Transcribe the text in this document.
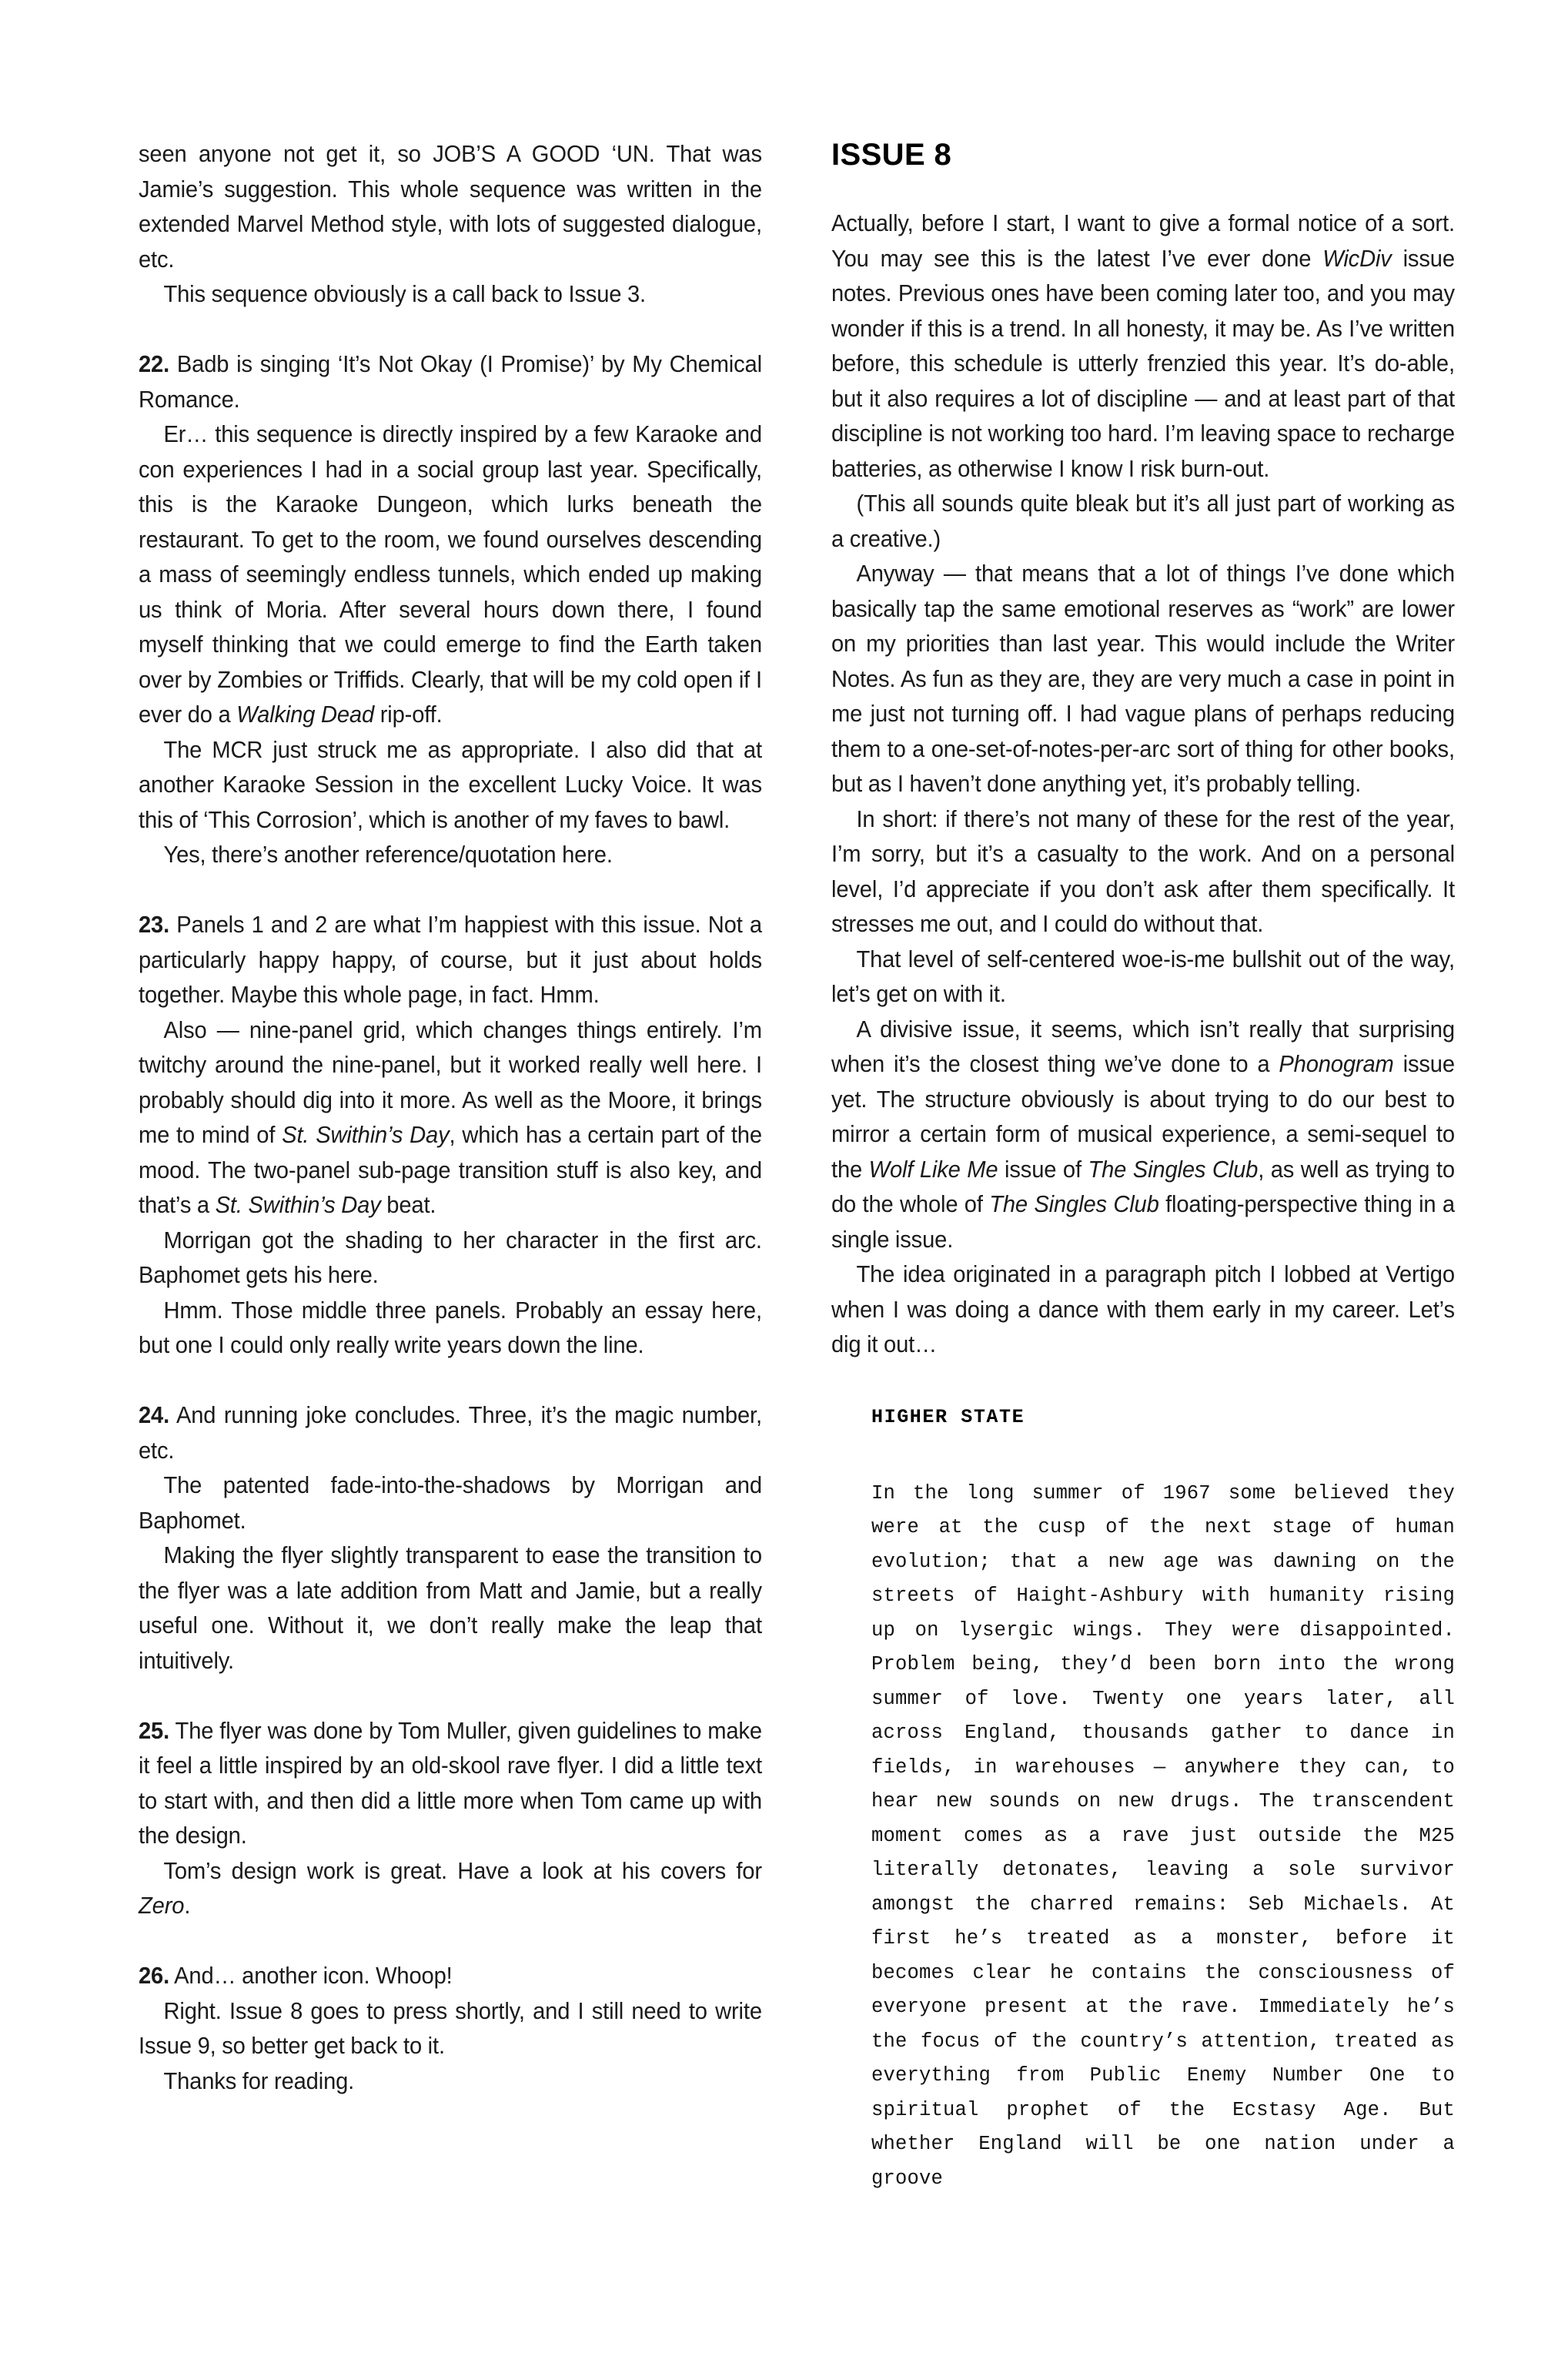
seen anyone not get it, so JOB’S A GOOD ‘UN. That was Jamie’s suggestion. This whole sequence was written in the extended Marvel Method style, with lots of suggested dialogue, etc.

This sequence obviously is a call back to Issue 3.

22. Badb is singing ‘It’s Not Okay (I Promise)’ by My Chemical Romance.

Er… this sequence is directly inspired by a few Karaoke and con experiences I had in a social group last year. Specifically, this is the Karaoke Dungeon, which lurks beneath the restaurant. To get to the room, we found ourselves descending a mass of seemingly endless tunnels, which ended up making us think of Moria. After several hours down there, I found myself thinking that we could emerge to find the Earth taken over by Zombies or Triffids. Clearly, that will be my cold open if I ever do a Walking Dead rip-off.

The MCR just struck me as appropriate. I also did that at another Karaoke Session in the excellent Lucky Voice. It was this of ‘This Corrosion’, which is another of my faves to bawl.

Yes, there’s another reference/quotation here.

23. Panels 1 and 2 are what I’m happiest with this issue. Not a particularly happy happy, of course, but it just about holds together. Maybe this whole page, in fact. Hmm.

Also — nine-panel grid, which changes things entirely. I’m twitchy around the nine-panel, but it worked really well here. I probably should dig into it more. As well as the Moore, it brings me to mind of St. Swithin’s Day, which has a certain part of the mood. The two-panel sub-page transition stuff is also key, and that’s a St. Swithin’s Day beat.

Morrigan got the shading to her character in the first arc. Baphomet gets his here.

Hmm. Those middle three panels. Probably an essay here, but one I could only really write years down the line.

24. And running joke concludes. Three, it’s the magic number, etc.

The patented fade-into-the-shadows by Morrigan and Baphomet.

Making the flyer slightly transparent to ease the transition to the flyer was a late addition from Matt and Jamie, but a really useful one. Without it, we don’t really make the leap that intuitively.

25. The flyer was done by Tom Muller, given guidelines to make it feel a little inspired by an old-skool rave flyer. I did a little text to start with, and then did a little more when Tom came up with the design.

Tom’s design work is great. Have a look at his covers for Zero.

26. And… another icon. Whoop!

Right. Issue 8 goes to press shortly, and I still need to write Issue 9, so better get back to it.

Thanks for reading.

ISSUE 8

Actually, before I start, I want to give a formal notice of a sort. You may see this is the latest I’ve ever done WicDiv issue notes. Previous ones have been coming later too, and you may wonder if this is a trend. In all honesty, it may be. As I’ve written before, this schedule is utterly frenzied this year. It’s do-able, but it also requires a lot of discipline — and at least part of that discipline is not working too hard. I’m leaving space to recharge batteries, as otherwise I know I risk burn-out.

(This all sounds quite bleak but it’s all just part of working as a creative.)

Anyway — that means that a lot of things I’ve done which basically tap the same emotional reserves as “work” are lower on my priorities than last year. This would include the Writer Notes. As fun as they are, they are very much a case in point in me just not turning off. I had vague plans of perhaps reducing them to a one-set-of-notes-per-arc sort of thing for other books, but as I haven’t done anything yet, it’s probably telling.

In short: if there’s not many of these for the rest of the year, I’m sorry, but it’s a casualty to the work. And on a personal level, I’d appreciate if you don’t ask after them specifically. It stresses me out, and I could do without that.

That level of self-centered woe-is-me bullshit out of the way, let’s get on with it.

A divisive issue, it seems, which isn’t really that surprising when it’s the closest thing we’ve done to a Phonogram issue yet. The structure obviously is about trying to do our best to mirror a certain form of musical experience, a semi-sequel to the Wolf Like Me issue of The Singles Club, as well as trying to do the whole of The Singles Club floating-perspective thing in a single issue.

The idea originated in a paragraph pitch I lobbed at Vertigo when I was doing a dance with them early in my career. Let’s dig it out…

HIGHER STATE

In the long summer of 1967 some believed they were at the cusp of the next stage of human evolution; that a new age was dawning on the streets of Haight-Ashbury with humanity rising up on lysergic wings. They were disappointed. Problem being, they’d been born into the wrong summer of love. Twenty one years later, all across England, thousands gather to dance in fields, in warehouses — anywhere they can, to hear new sounds on new drugs. The transcendent moment comes as a rave just outside the M25 literally detonates, leaving a sole survivor amongst the charred remains: Seb Michaels. At first he’s treated as a monster, before it becomes clear he contains the consciousness of everyone present at the rave. Immediately he’s the focus of the country’s attention, treated as everything from Public Enemy Number One to spiritual prophet of the Ecstasy Age. But whether England will be one nation under a groove
